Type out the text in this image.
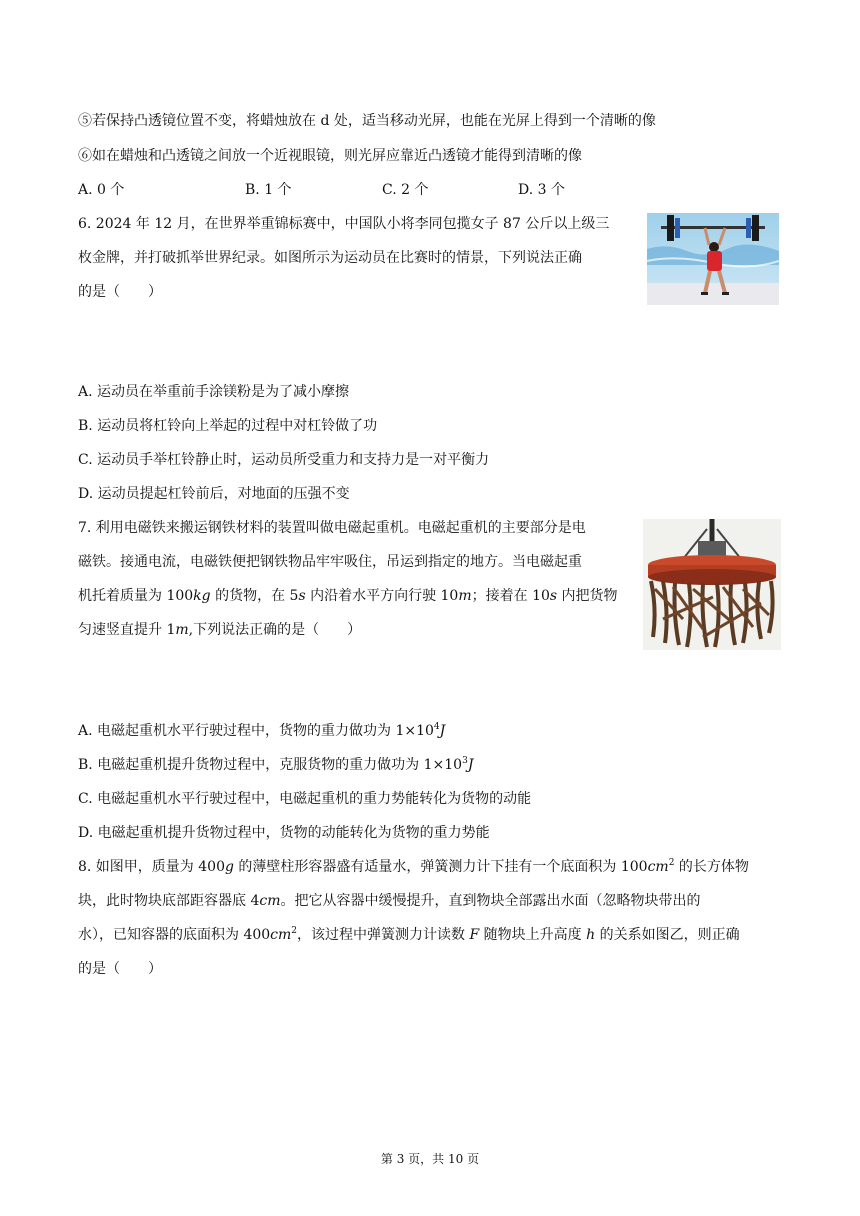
⑤若保持凸透镜位置不变，将蜡烛放在 d 处，适当移动光屏，也能在光屏上得到一个清晰的像
⑥如在蜡烛和凸透镜之间放一个近视眼镜，则光屏应靠近凸透镜才能得到清晰的像
A. 0 个	B. 1 个	C. 2 个	D. 3 个
6. 2024 年 12 月，在世界举重锦标赛中，中国队小将李同包揽女子 87 公斤以上级三
枚金牌，并打破抓举世界纪录。如图所示为运动员在比赛时的情景，下列说法正确
的是（　　）
A. 运动员在举重前手涂镁粉是为了减小摩擦
B. 运动员将杠铃向上举起的过程中对杠铃做了功
C. 运动员手举杠铃静止时，运动员所受重力和支持力是一对平衡力
D. 运动员提起杠铃前后，对地面的压强不变
7. 利用电磁铁来搬运钢铁材料的装置叫做电磁起重机。电磁起重机的主要部分是电
磁铁。接通电流，电磁铁便把钢铁物品牢牢吸住，吊运到指定的地方。当电磁起重
机托着质量为 100kg 的货物，在 5s 内沿着水平方向行驶 10m；接着在 10s 内把货物
匀速竖直提升 1m,下列说法正确的是（　　）
A. 电磁起重机水平行驶过程中，货物的重力做功为 $1\times 10^4J$
B. 电磁起重机提升货物过程中，克服货物的重力做功为 $1\times 10^3J$
C. 电磁起重机水平行驶过程中，电磁起重机的重力势能转化为货物的动能
D. 电磁起重机提升货物过程中，货物的动能转化为货物的重力势能
8. 如图甲，质量为 400g 的薄壁柱形容器盛有适量水，弹簧测力计下挂有一个底面积为 $100cm^2$ 的长方体物
块，此时物块底部距容器底 4cm。把它从容器中缓慢提升，直到物块全部露出水面（忽略物块带出的
水），已知容器的底面积为 $400cm^2$，该过程中弹簧测力计读数 F 随物块上升高度 h 的关系如图乙，则正确
的是（　　）
第 3 页，共 10 页
